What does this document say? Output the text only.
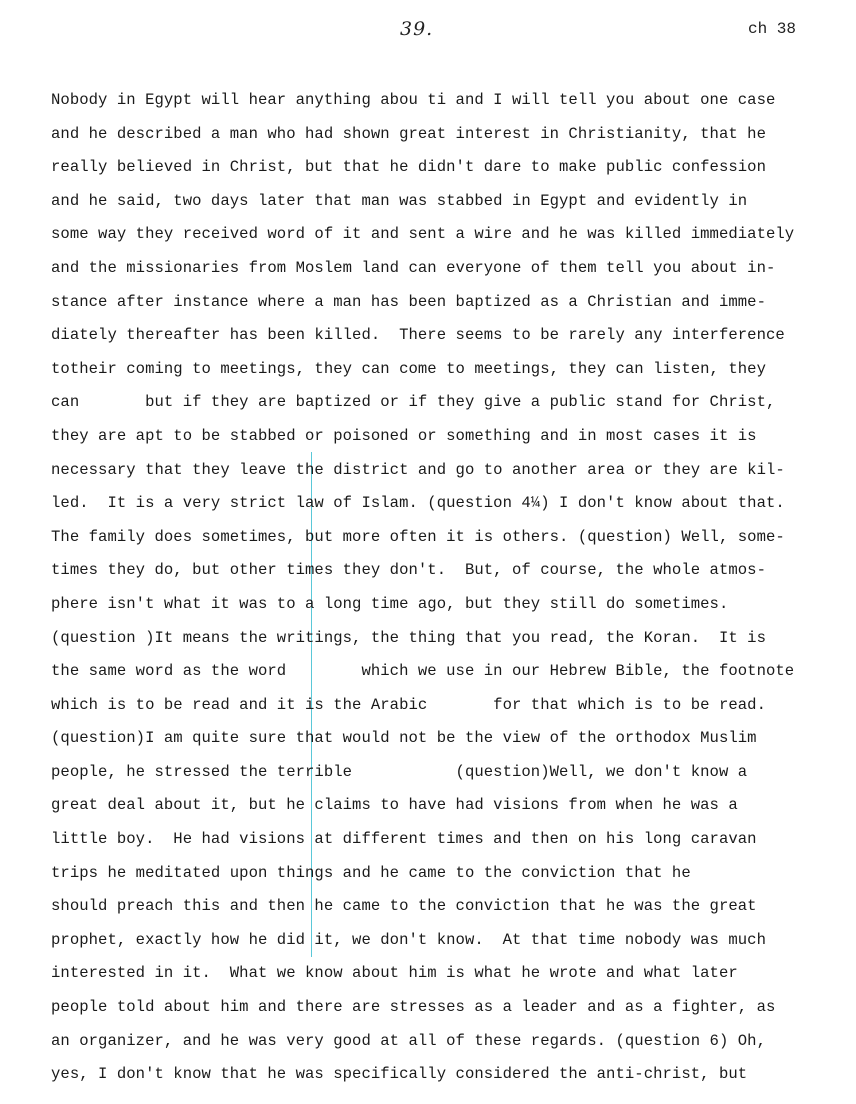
39.	ch 38
Nobody in Egypt will hear anything abou ti and I will tell you about one case
and he described a man who had shown great interest in Christianity, that he
really believed in Christ, but that he didn't dare to make public confession
and he said, two days later that man was stabbed in Egypt and evidently in
some way they received word of it and sent a wire and he was killed immediately
and the missionaries from Moslem land can everyone of them tell you about in-
stance after instance where a man has been baptized as a Christian and imme-
diately thereafter has been killed.  There seems to be rarely any interference
totheir coming to meetings, they can come to meetings, they can listen, they
can       but if they are baptized or if they give a public stand for Christ,
they are apt to be stabbed or poisoned or something and in most cases it is
necessary that they leave the district and go to another area or they are kil-
led.  It is a very strict law of Islam. (question 4¼) I don't know about that.
The family does sometimes, but more often it is others. (question) Well, some-
times they do, but other times they don't.  But, of course, the whole atmos-
phere isn't what it was to a long time ago, but they still do sometimes.
(question )It means the writings, the thing that you read, the Koran.  It is
the same word as the word        which we use in our Hebrew Bible, the footnote
which is to be read and it is the Arabic       for that which is to be read.
(question)I am quite sure that would not be the view of the orthodox Muslim
people, he stressed the terrible           (question)Well, we don't know a
great deal about it, but he claims to have had visions from when he was a
little boy.  He had visions at different times and then on his long caravan
trips he meditated upon things and he came to the conviction that he
should preach this and then he came to the conviction that he was the great
prophet, exactly how he did it, we don't know.  At that time nobody was much
interested in it.  What we know about him is what he wrote and what later
people told about him and there are stresses as a leader and as a fighter, as
an organizer, and he was very good at all of these regards. (question 6) Oh,
yes, I don't know that he was specifically considered the anti-christ, but
